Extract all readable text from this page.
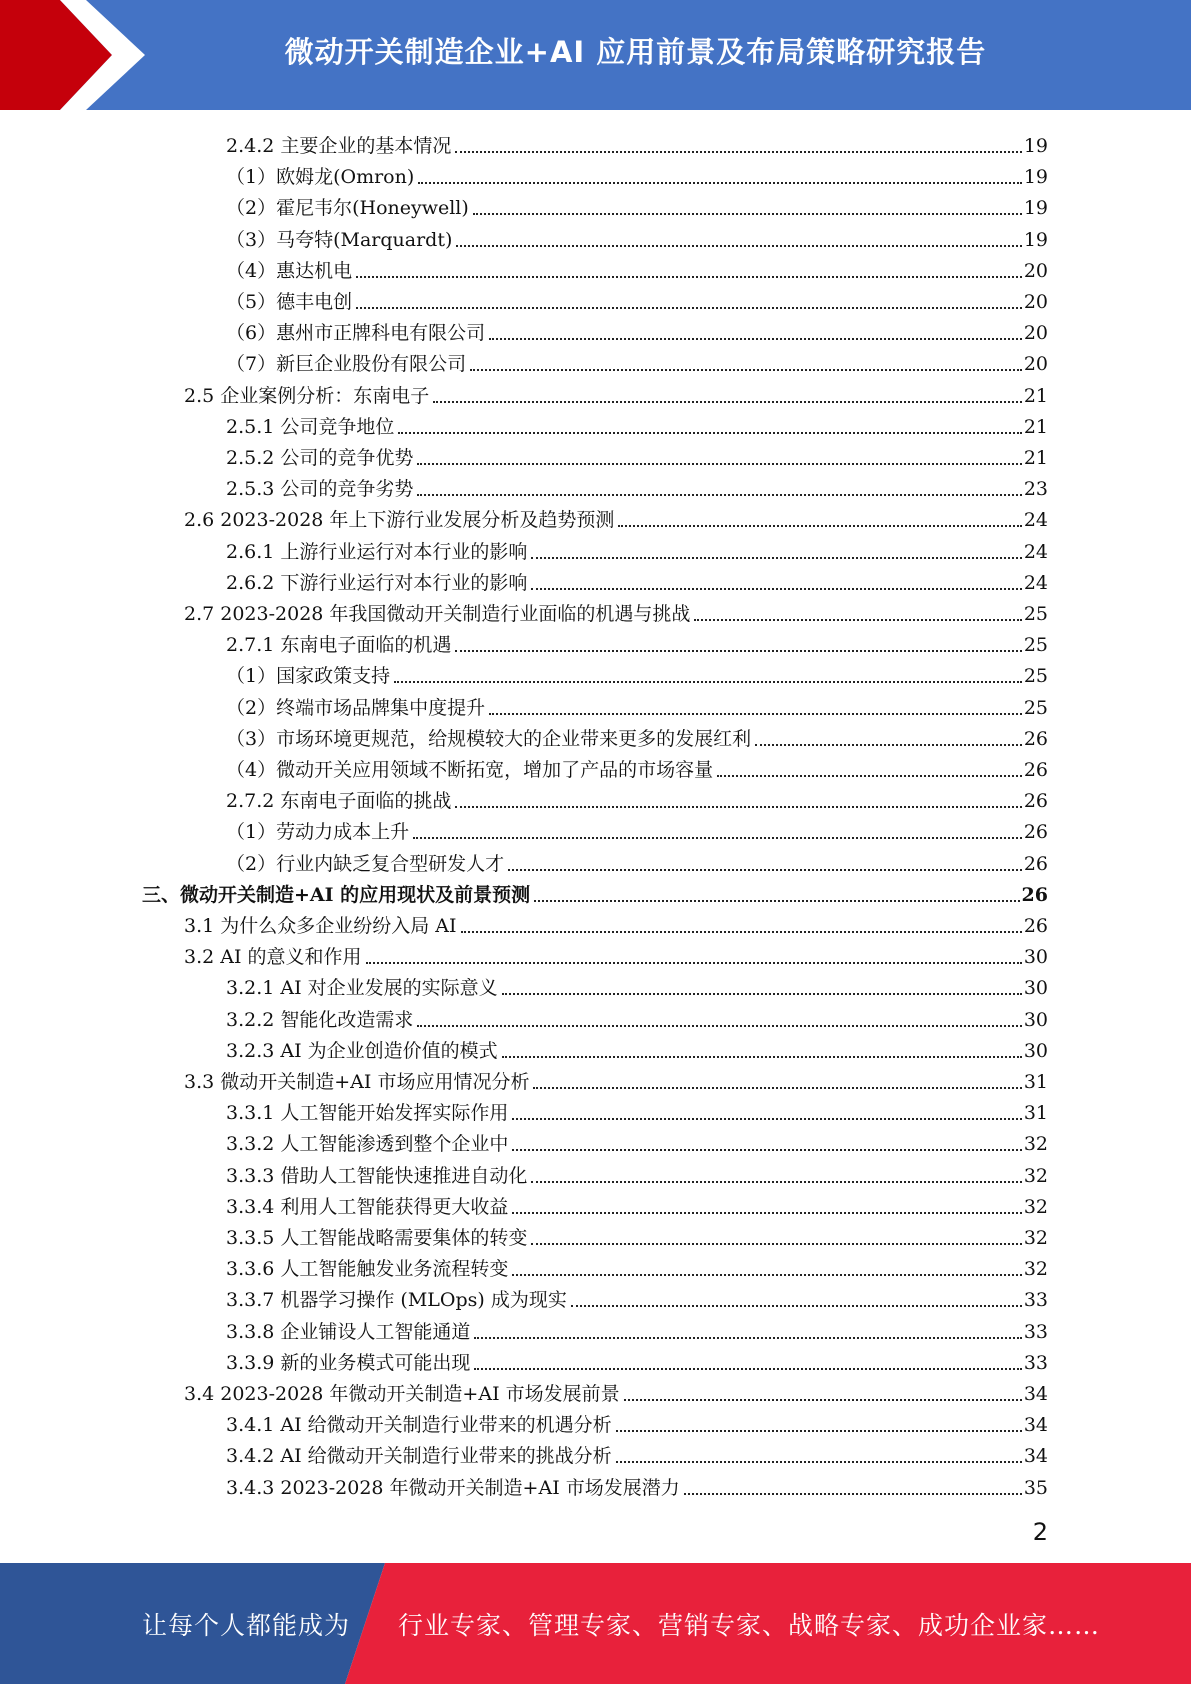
微动开关制造企业+AI 应用前景及布局策略研究报告
2.4.2 主要企业的基本情况	19
（1）欧姆龙(Omron)	19
（2）霍尼韦尔(Honeywell)	19
（3）马夸特(Marquardt)	19
（4）惠达机电	20
（5）德丰电创	20
（6）惠州市正牌科电有限公司	20
（7）新巨企业股份有限公司	20
2.5 企业案例分析：东南电子	21
2.5.1 公司竞争地位	21
2.5.2 公司的竞争优势	21
2.5.3 公司的竞争劣势	23
2.6 2023-2028 年上下游行业发展分析及趋势预测	24
2.6.1 上游行业运行对本行业的影响	24
2.6.2 下游行业运行对本行业的影响	24
2.7 2023-2028 年我国微动开关制造行业面临的机遇与挑战	25
2.7.1 东南电子面临的机遇	25
（1）国家政策支持	25
（2）终端市场品牌集中度提升	25
（3）市场环境更规范，给规模较大的企业带来更多的发展红利	26
（4）微动开关应用领域不断拓宽，增加了产品的市场容量	26
2.7.2 东南电子面临的挑战	26
（1）劳动力成本上升	26
（2）行业内缺乏复合型研发人才	26
三、微动开关制造+AI 的应用现状及前景预测	26
3.1 为什么众多企业纷纷入局 AI	26
3.2 AI 的意义和作用	30
3.2.1 AI 对企业发展的实际意义	30
3.2.2 智能化改造需求	30
3.2.3 AI 为企业创造价值的模式	30
3.3 微动开关制造+AI 市场应用情况分析	31
3.3.1 人工智能开始发挥实际作用	31
3.3.2 人工智能渗透到整个企业中	32
3.3.3 借助人工智能快速推进自动化	32
3.3.4 利用人工智能获得更大收益	32
3.3.5 人工智能战略需要集体的转变	32
3.3.6 人工智能触发业务流程转变	32
3.3.7 机器学习操作 (MLOps) 成为现实	33
3.3.8 企业铺设人工智能通道	33
3.3.9 新的业务模式可能出现	33
3.4 2023-2028 年微动开关制造+AI 市场发展前景	34
3.4.1 AI 给微动开关制造行业带来的机遇分析	34
3.4.2 AI 给微动开关制造行业带来的挑战分析	34
3.4.3 2023-2028 年微动开关制造+AI 市场发展潜力	35
2
让每个人都能成为 行业专家、管理专家、营销专家、战略专家、成功企业家……
